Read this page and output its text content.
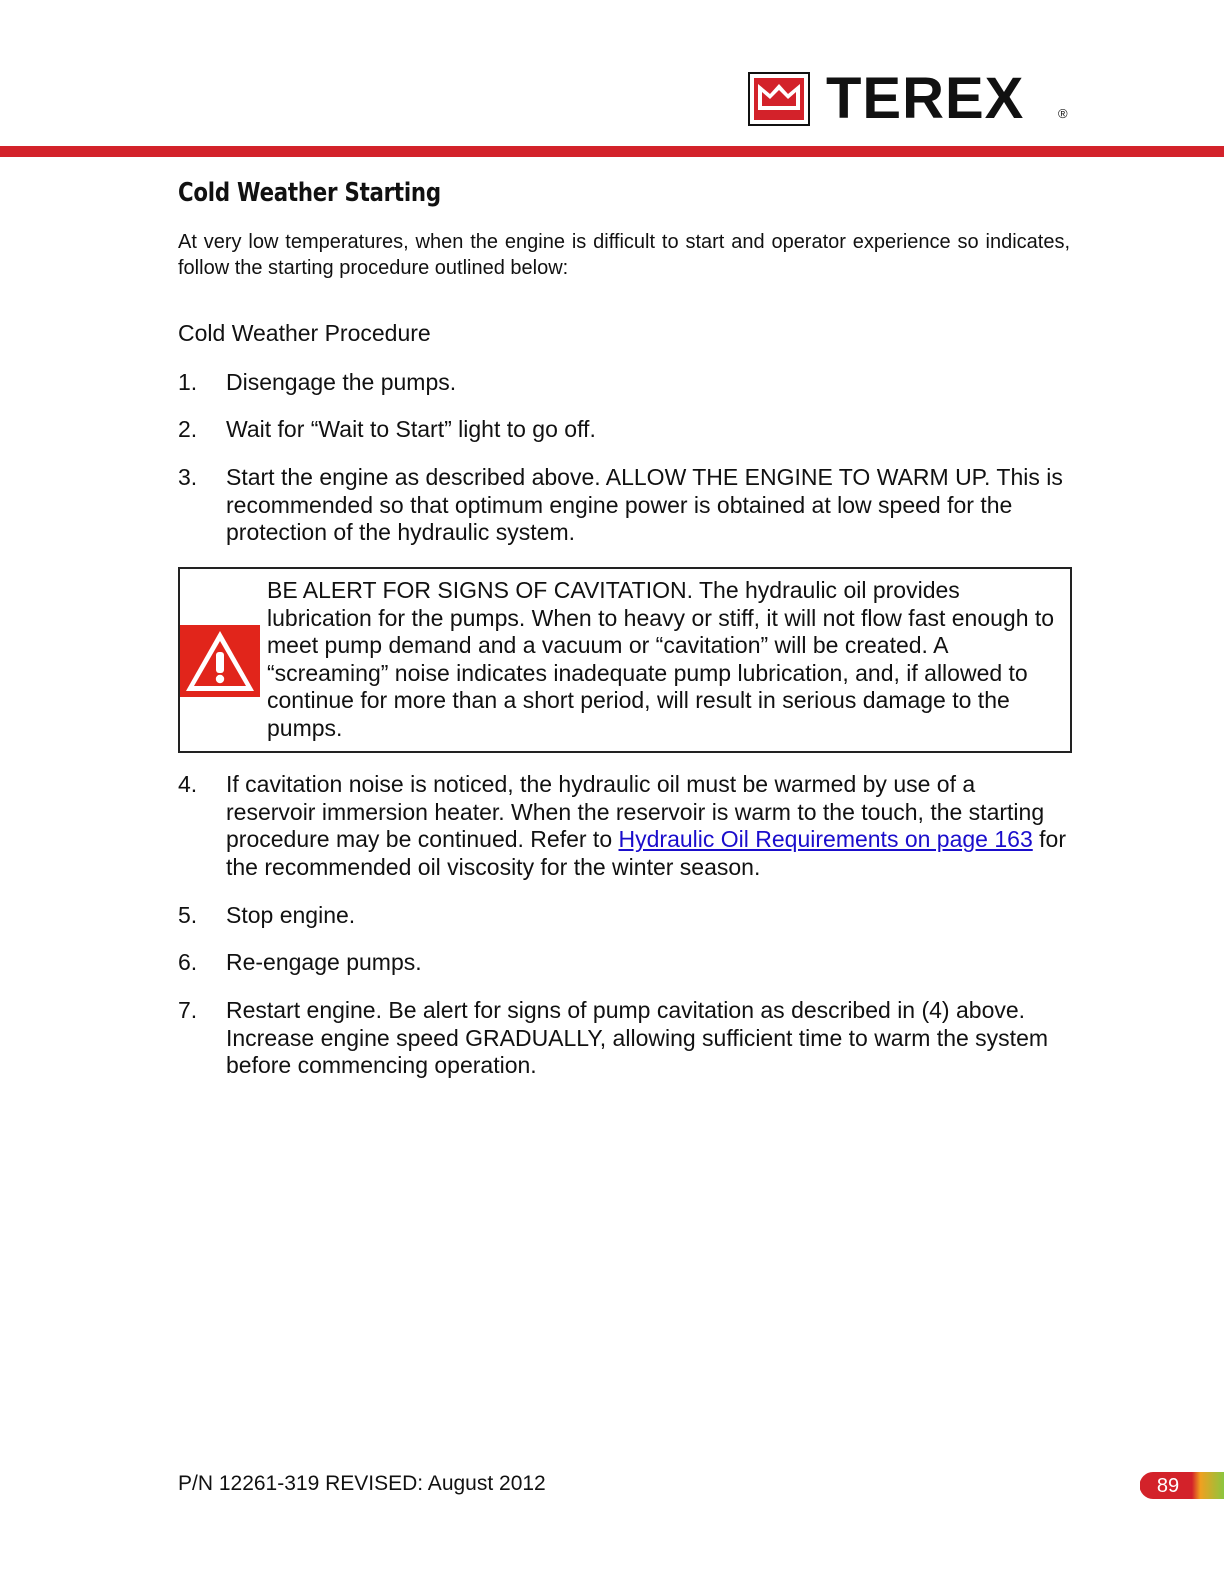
TEREX	®
Cold Weather Starting

At very low temperatures, when the engine is difficult to start and operator experience so indicates, follow the starting procedure outlined below:

Cold Weather Procedure

1. Disengage the pumps.
2. Wait for “Wait to Start” light to go off.
3. Start the engine as described above. ALLOW THE ENGINE TO WARM UP. This is recommended so that optimum engine power is obtained at low speed for the protection of the hydraulic system.
BE ALERT FOR SIGNS OF CAVITATION. The hydraulic oil provides lubrication for the pumps. When to heavy or stiff, it will not flow fast enough to meet pump demand and a vacuum or “cavitation” will be created. A “screaming” noise indicates inadequate pump lubrication, and, if allowed to continue for more than a short period, will result in serious damage to the pumps.
4. If cavitation noise is noticed, the hydraulic oil must be warmed by use of a reservoir immersion heater. When the reservoir is warm to the touch, the starting procedure may be continued. Refer to Hydraulic Oil Requirements on page 163 for the recommended oil viscosity for the winter season.
5. Stop engine.
6. Re-engage pumps.
7. Restart engine. Be alert for signs of pump cavitation as described in (4) above. Increase engine speed GRADUALLY, allowing sufficient time to warm the system before commencing operation.
P/N 12261-319 REVISED: August 2012	89
